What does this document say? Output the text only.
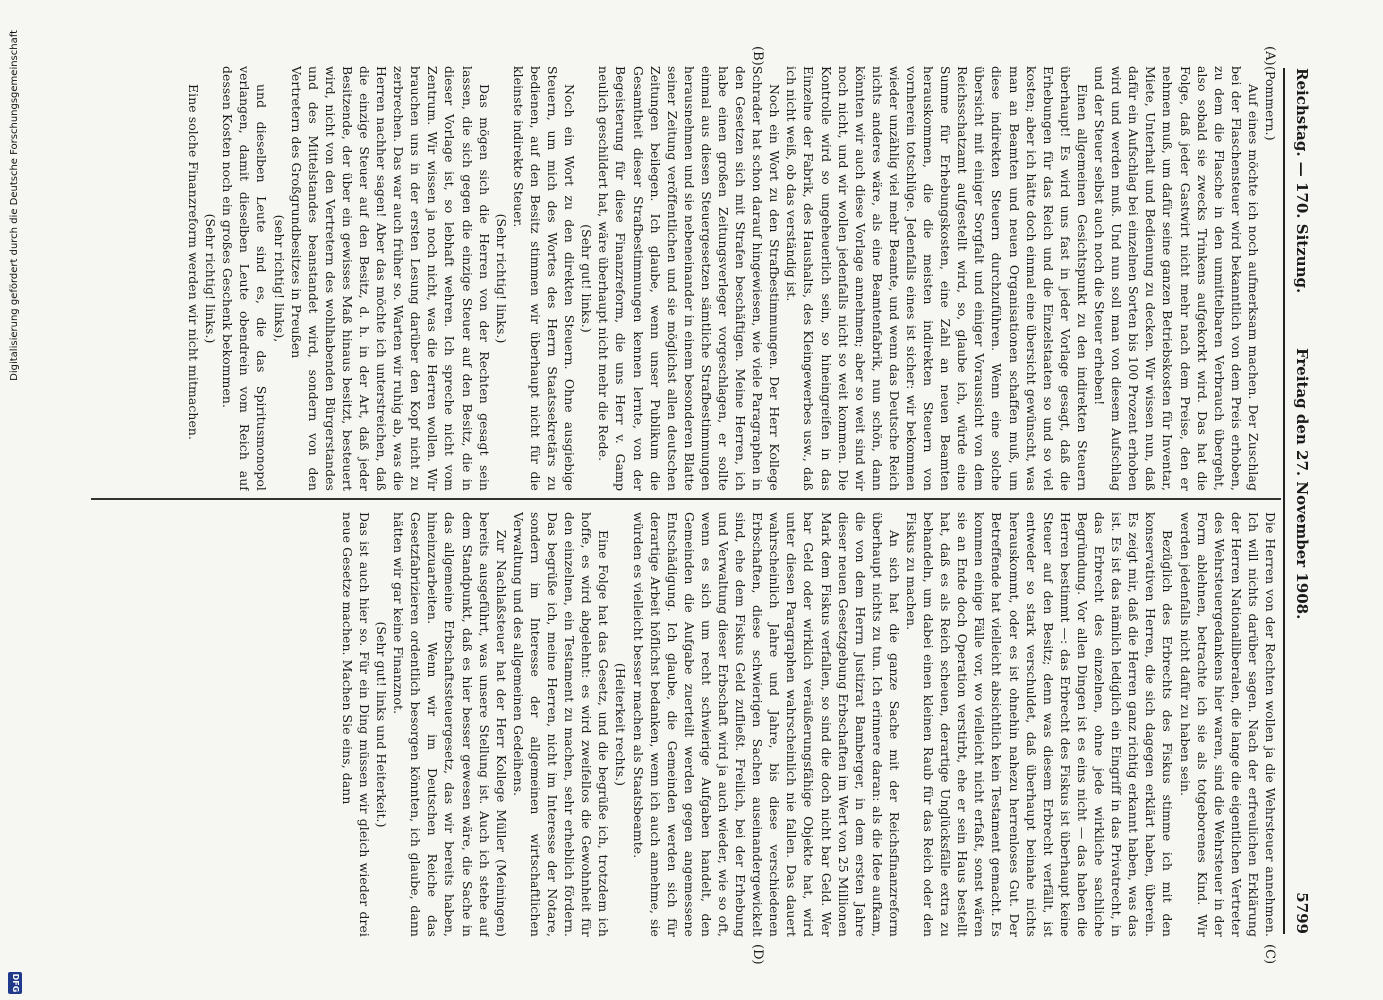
Reichstag. — 170. Sitzung.
Freitag den 27. November 1908.
5799
(A)
(B)
(C)
(D)

(Pommern.)

Auf eines möchte ich noch aufmerksam machen. Der Zuschlag bei der Flaschensteuer wird bekanntlich von dem Preis erhoben, zu dem die Flasche in den unmittelbaren Verbrauch übergeht, also sobald sie zwecks Trinkens aufgekorkt wird. Das hat die Folge, daß jeder Gastwirt nicht mehr nach dem Preise, den er nehmen muß, um dafür seine ganzen Betriebskosten für Inventar, Miete, Unterhalt und Bedienung zu decken. Wir wissen nun, daß dafür ein Aufschlag bei einzelnen Sorten bis 100 Prozent erhoben wird und werden muß. Und nun soll man von diesem Aufschlag und der Steuer selbst auch noch die Steuer erheben!

Einen allgemeinen Gesichtspunkt zu den indirekten Steuern überhaupt! Es wird uns fast in jeder Vorlage gesagt, daß die Erhebungen für das Reich und die Einzelstaaten so und so viel kosten; aber ich hätte doch einmal eine übersicht gewünscht, was man an Beamten und neuen Organisationen schaffen muß, um diese indirekten Steuern durchzuführen. Wenn eine solche übersicht mit einiger Sorgfalt und einiger Voraussicht von dem Reichsschatzamt aufgestellt wird, so, glaube ich, würde eine Summe für Erhebungskosten, eine Zahl an neuen Beamten herauskommen, die die meisten indirekten Steuern von vornherein totschlüge. Jedenfalls eines ist sicher: wir bekommen wieder unzählig viel mehr Beamte, und wenn das Deutsche Reich nichts anderes wäre, als eine Beamtenfabrik, nun schön, dann könnten wir auch diese Vorlage annehmen; aber so weit sind wir noch nicht, und wir wollen jedenfalls nicht so weit kommen. Die Kontrolle wird so ungeheuerlich sein, so hineingreifen in das Einzelne der Fabrik, des Haushalts, des Kleingewerbes usw., daß ich nicht weiß, ob das verständig ist.

Noch ein Wort zu den Strafbestimmungen. Der Herr Kollege Schrader hat schon darauf hingewiesen, wie viele Paragraphen in den Gesetzen sich mit Strafen beschäftigen. Meine Herren, ich habe einen großen Zeitungsverleger vorgeschlagen, er sollte einmal aus diesen Steuergesetzen sämtliche Strafbestimmungen herausnehmen und sie nebeneinander in einem besonderen Blatte seiner Zeitung veröffentlichen und sie möglichst allen deutschen Zeitungen beilegen. Ich glaube, wenn unser Publikum die Gesamtheit dieser Strafbestimmungen kennen lernte, von der Begeisterung für diese Finanzreform, die uns Herr v. Gamp neulich geschildert hat, wäre überhaupt nicht mehr die Rede.

(Sehr gut! links.)

Noch ein Wort zu den direkten Steuern. Ohne ausgiebige Steuern, um mich des Wortes des Herrn Staatssekretärs zu bedienen, auf den Besitz stimmen wir überhaupt nicht für die kleinste indirekte Steuer.

(Sehr richtig! links.)

Das mögen sich die Herren von der Rechten gesagt sein lassen, die sich gegen die einzige Steuer auf den Besitz, die in dieser Vorlage ist, so lebhaft wehren. Ich spreche nicht vom Zentrum. Wir wissen ja noch nicht, was die Herren wollen. Wir brauchen uns in der ersten Lesung darüber den Kopf nicht zu zerbrechen. Das war auch früher so. Warten wir ruhig ab, was die Herren nachher sagen! Aber das möchte ich unterstreichen, daß die einzige Steuer auf den Besitz, d. h. in der Art, daß jeder Besitzende, der über ein gewisses Maß hinaus besitzt, besteuert wird, nicht von den Vertretern des wohlhabenden Bürgerstandes und des Mittelstandes beanstandet wird, sondern von den Vertretern des Großgrundbesitzes in Preußen

(sehr richtig! links),

und dieselben Leute sind es, die das Spiritusmonopol verlangen, damit dieselben Leute obendrein vom Reich auf dessen Kosten noch ein großes Geschenk bekommen.

(Sehr richtig! links.)

Eine solche Finanzreform werden wir nicht mitmachen.

Die Herren von der Rechten wollen ja die Wehrsteuer annehmen. Ich will nichts darüber sagen. Nach der erfreulichen Erklärung der Herren Nationalliberalen, die lange die eigentlichen Vertreter des Wehrsteuergedankens hier waren, sind die Wehrsteuer in der Form ablehnen, betrachte ich sie als totgeborenes Kind. Wir werden jedenfalls nicht dafür zu haben sein.

Bezüglich des Erbrechts des Fiskus stimme ich mit den konservativen Herren, die sich dagegen erklärt haben, überein. Es zeigt mir, daß die Herren ganz richtig erkannt haben, was das ist. Es ist das nämlich lediglich ein Eingriff in das Privatrecht, in das Erbrecht des einzelnen, ohne jede wirkliche sachliche Begründung. Vor allen Dingen ist es eins nicht — das haben die Herren bestimmt —: das Erbrecht des Fiskus ist überhaupt keine Steuer auf den Besitz; denn was diesem Erbrecht verfällt, ist entweder so stark verschuldet, daß überhaupt beinahe nichts herauskommt, oder es ist ohnehin nahezu herrenloses Gut. Der Betreffende hat vielleicht absichtlich kein Testament gemacht. Es kommen einige Fälle vor, wo vielleicht nicht erfaßt, sonst wären sie an Ende doch Operation verstirbt, ehe er sein Haus bestellt hat, daß es als Reich scheuen, derartige Unglücksfälle extra zu behandeln, um dabei einen kleinen Raub für das Reich oder den Fiskus zu machen.

An sich hat die ganze Sache mit der Reichsfinanzreform überhaupt nichts zu tun. Ich erinnere daran: als die Idee aufkam, die von dem Herrn Justizrat Bamberger, in dem ersten Jahre dieser neuen Gesetzgebung Erbschaften im Wert von 25 Millionen Mark dem Fiskus verfallen, so sind die doch nicht bar Geld. Wer bar Geld oder wirklich veräußerungsfähige Objekte hat, wird unter diesen Paragraphen wahrscheinlich nie fallen. Das dauert wahrscheinlich Jahre und Jahre, bis diese verschiedenen Erbschaften, diese schwierigen Sachen auseinandergewickelt sind, ehe dem Fiskus Geld zufließt. Freilich, bei der Erhebung und Verwaltung dieser Erbschaft wird ja auch wieder, wie so oft, wenn es sich um recht schwierige Aufgaben handelt, den Gemeinden die Aufgabe zuerteilt werden gegen angemessene Entschädigung. Ich glaube, die Gemeinden werden sich für derartige Arbeit höflichst bedanken, wenn ich auch annehme, sie würden es vielleicht besser machen als Staatsbeamte.

(Heiterkeit rechts.)

Eine Folge hat das Gesetz, und die begrüße ich, trotzdem ich hoffe, es wird abgelehnt: es wird zweifellos die Gewohnheit für den einzelnen, ein Testament zu machen, sehr erheblich fördern. Das begrüße ich, meine Herren, nicht im Interesse der Notare, sondern im Interesse der allgemeinen wirtschaftlichen Verwaltung und des allgemeinen Gedeihens.

Zur Nachlaßsteuer hat der Herr Kollege Müller (Meiningen) bereits ausgeführt, was unsere Stellung ist. Auch ich stehe auf dem Standpunkt, daß es hier besser gewesen wäre, die Sache in das allgemeine Erbschaftssteuergesetz, das wir bereits haben, hineinzuarbeiten. Wenn wir im Deutschen Reiche das Gesetzfabrizieren ordentlich besorgen könnten, ich glaube, dann hätten wir gar keine Finanznot.

(Sehr gut! links und Heiterkeit.)

Das ist auch hier so. Für ein Ding müssen wir gleich wieder drei neue Gesetze machen. Machen Sie eins, dann

Digitalisierung gefördert durch die Deutsche Forschungsgemeinschaft
DFG
